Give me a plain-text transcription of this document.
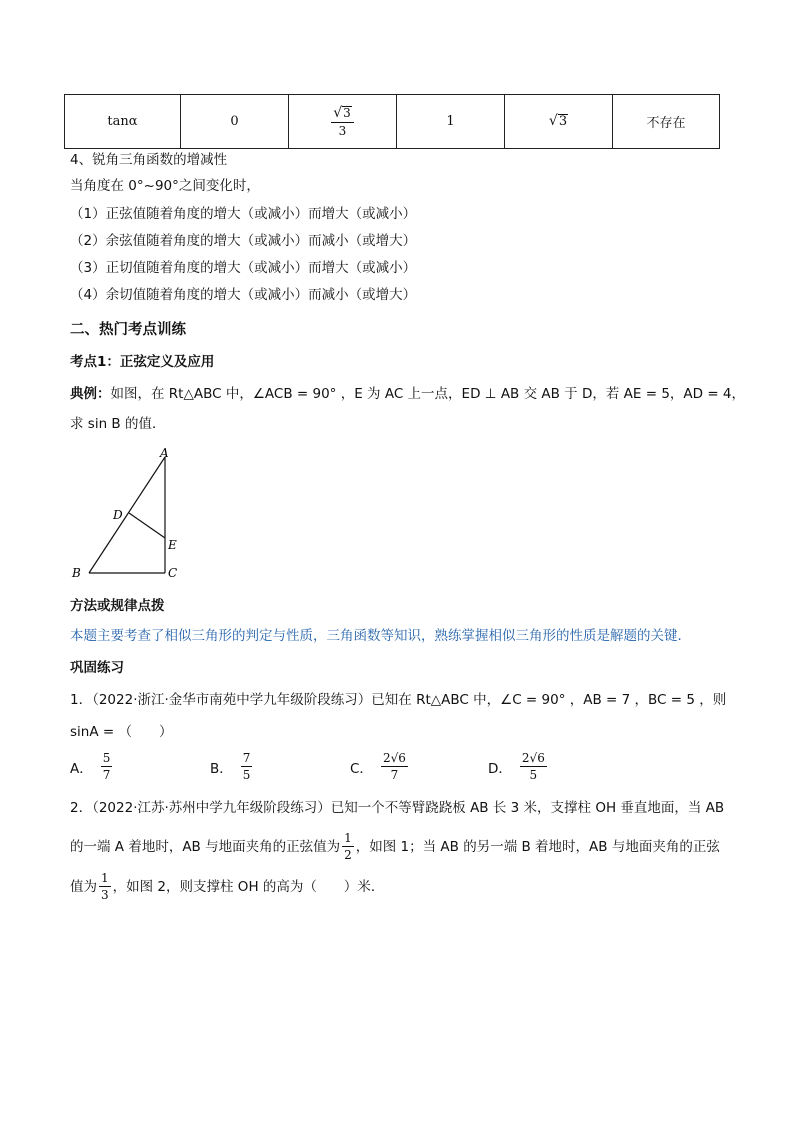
tanα	0	$\frac{√ 3}{3}$	1	√ 3	不存在
4、锐角三角函数的增减性
当角度在 0°~90°之间变化时，
（1）正弦值随着角度的增大（或减小）而增大（或减小）
（2）余弦值随着角度的增大（或减小）而减小（或增大）
（3）正切值随着角度的增大（或减小）而增大（或减小）
（4）余切值随着角度的增大（或减小）而减小（或增大）
二、热门考点训练
考点1：正弦定义及应用
典例：如图，在 Rt△ABC 中，∠ACB = 90° ，E 为 AC 上一点，ED ⊥ AB 交 AB 于 D，若 AE = 5，AD = 4，
求 sin B 的值．
A
B	C
D
E
方法或规律点拨
本题主要考查了相似三角形的判定与性质，三角函数等知识，熟练掌握相似三角形的性质是解题的关键．
巩固练习
1．（2022·浙江·金华市南苑中学九年级阶段练习）已知在 Rt△ABC 中，∠C = 90° ，AB = 7 ，BC = 5 ，则
sinA = （　　）
A． $\frac{5}{7}$	B． $\frac{7}{5}$	C． $\frac{2√6}{7}$	D． $\frac{2√6}{5}$
2．（2022·江苏·苏州中学九年级阶段练习）已知一个不等臂跷跷板 AB 长 3 米，支撑柱 OH 垂直地面，当 AB
的一端 A 着地时，AB 与地面夹角的正弦值为 $\frac{1}{2}$ ，如图 1；当 AB 的另一端 B 着地时，AB 与地面夹角的正弦
值为 $\frac{1}{3}$ ，如图 2，则支撑柱 OH 的高为（　　）米．
